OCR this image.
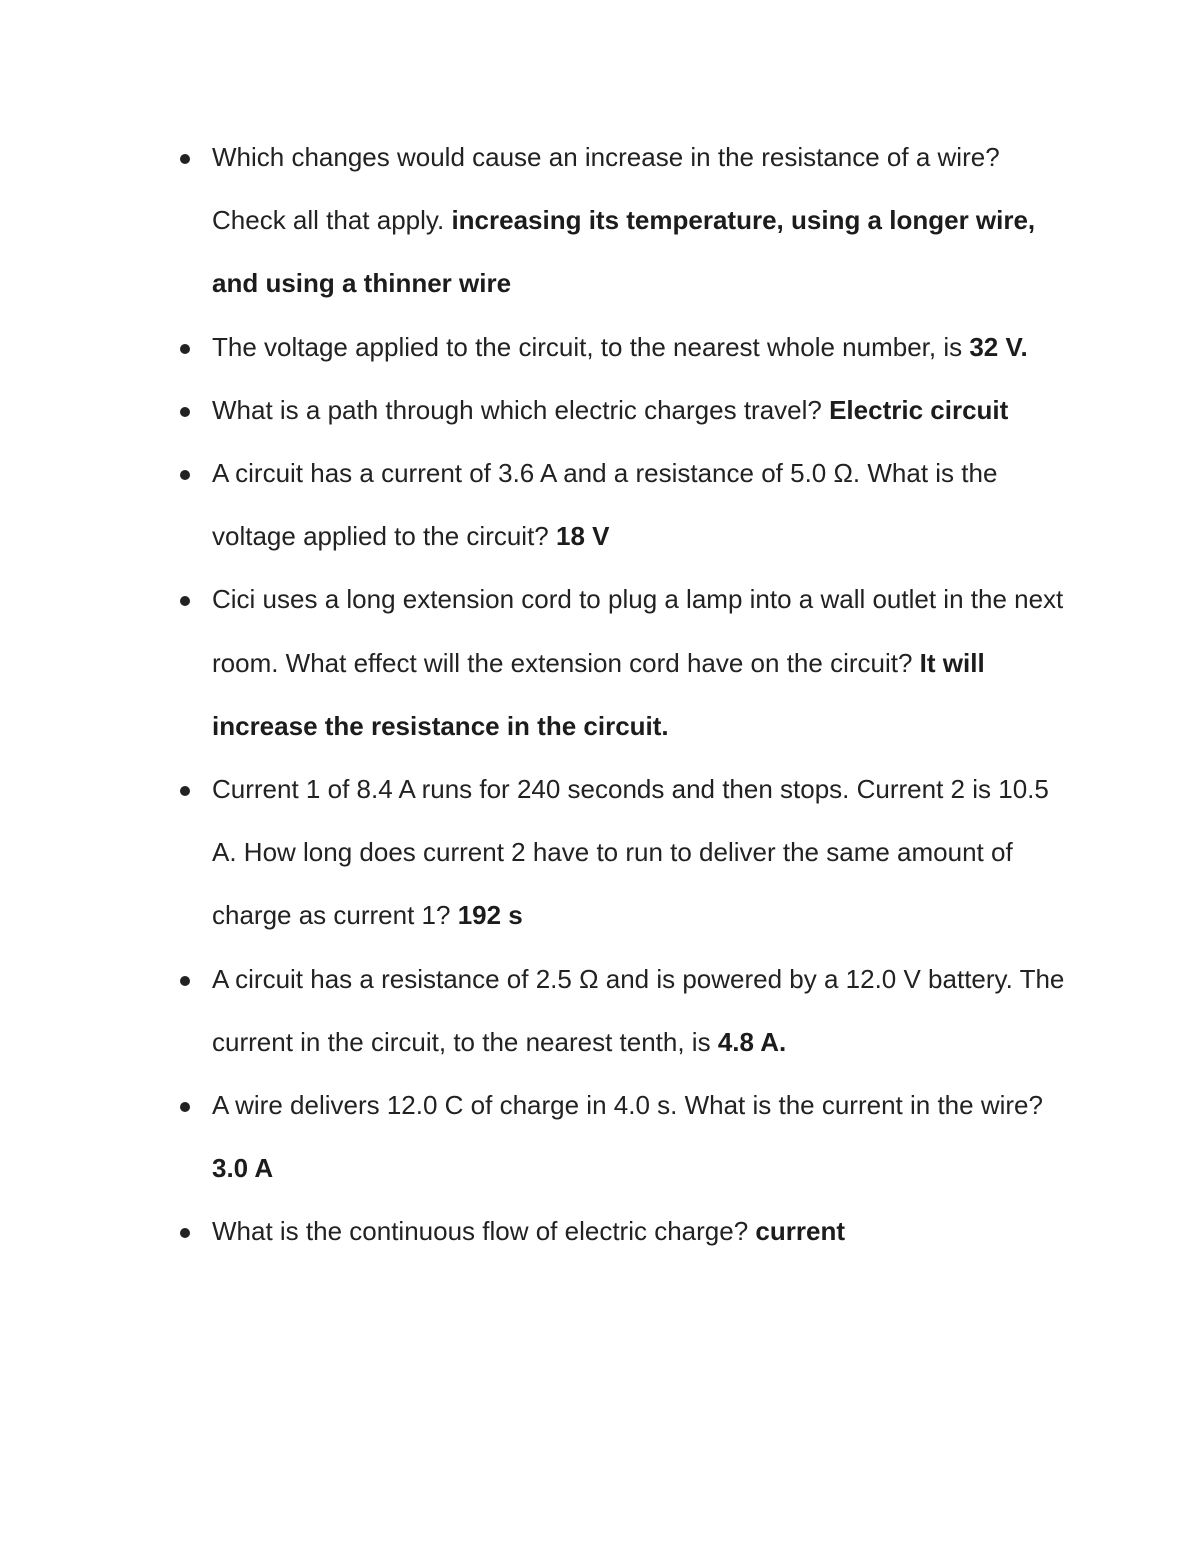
Which changes would cause an increase in the resistance of a wire? Check all that apply. increasing its temperature, using a longer wire, and using a thinner wire
The voltage applied to the circuit, to the nearest whole number, is 32 V.
What is a path through which electric charges travel? Electric circuit
A circuit has a current of 3.6 A and a resistance of 5.0 Ω. What is the voltage applied to the circuit? 18 V
Cici uses a long extension cord to plug a lamp into a wall outlet in the next room. What effect will the extension cord have on the circuit? It will increase the resistance in the circuit.
Current 1 of 8.4 A runs for 240 seconds and then stops. Current 2 is 10.5 A. How long does current 2 have to run to deliver the same amount of charge as current 1? 192 s
A circuit has a resistance of 2.5 Ω and is powered by a 12.0 V battery. The current in the circuit, to the nearest tenth, is 4.8 A.
A wire delivers 12.0 C of charge in 4.0 s. What is the current in the wire? 3.0 A
What is the continuous flow of electric charge? current
